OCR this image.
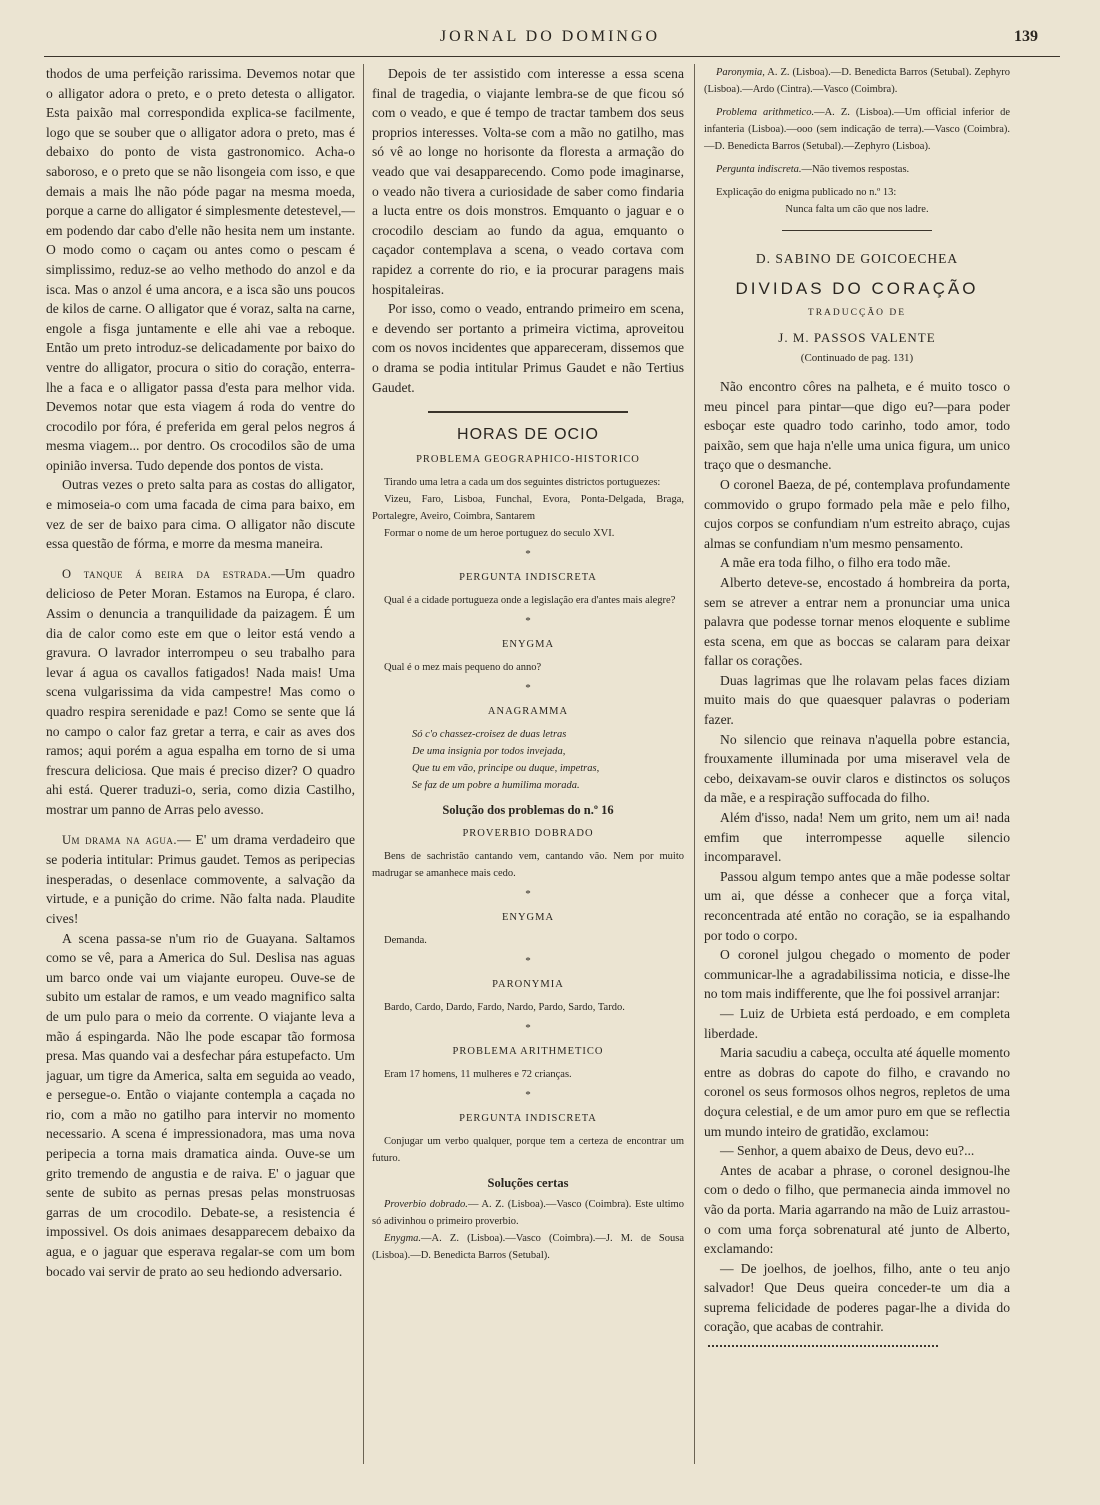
JORNAL DO DOMINGO	139

thodos de uma perfeição rarissima. Devemos notar que o alligator adora o preto, e o preto detesta o alligator. Esta paixão mal correspondida explica-se facilmente, logo que se souber que o alligator adora o preto, mas é debaixo do ponto de vista gastronomico. Acha-o saboroso, e o preto que se não lisongeia com isso, e que demais a mais lhe não póde pagar na mesma moeda, porque a carne do alligator é simplesmente detestevel,—em podendo dar cabo d'elle não hesita nem um instante. O modo como o caçam ou antes como o pescam é simplissimo, reduz-se ao velho methodo do anzol e da isca. Mas o anzol é uma ancora, e a isca são uns poucos de kilos de carne. O alligator que é voraz, salta na carne, engole a fisga juntamente e elle ahi vae a reboque. Então um preto introduz-se delicadamente por baixo do ventre do alligator, procura o sitio do coração, enterra-lhe a faca e o alligator passa d'esta para melhor vida. Devemos notar que esta viagem á roda do ventre do crocodilo por fóra, é preferida em geral pelos negros á mesma viagem... por dentro. Os crocodilos são de uma opinião inversa. Tudo depende dos pontos de vista.

Outras vezes o preto salta para as costas do alligator, e mimoseia-o com uma facada de cima para baixo, em vez de ser de baixo para cima. O alligator não discute essa questão de fórma, e morre da mesma maneira.

O tanque á beira da estrada.—Um quadro delicioso de Peter Moran. Estamos na Europa, é claro. Assim o denuncia a tranquilidade da paizagem. É um dia de calor como este em que o leitor está vendo a gravura. O lavrador interrompeu o seu trabalho para levar á agua os cavallos fatigados! Nada mais! Uma scena vulgarissima da vida campestre! Mas como o quadro respira serenidade e paz! Como se sente que lá no campo o calor faz gretar a terra, e cair as aves dos ramos; aqui porém a agua espalha em torno de si uma frescura deliciosa. Que mais é preciso dizer? O quadro ahi está. Querer traduzi-o, seria, como dizia Castilho, mostrar um panno de Arras pelo avesso.

Um drama na agua.— E' um drama verdadeiro que se poderia intitular: Primus gaudet. Temos as peripecias inesperadas, o desenlace commovente, a salvação da virtude, e a punição do crime. Não falta nada. Plaudite cives!

A scena passa-se n'um rio de Guayana. Saltamos como se vê, para a America do Sul. Deslisa nas aguas um barco onde vai um viajante europeu. Ouve-se de subito um estalar de ramos, e um veado magnifico salta de um pulo para o meio da corrente. O viajante leva a mão á espingarda. Não lhe pode escapar tão formosa presa. Mas quando vai a desfechar pára estupefacto. Um jaguar, um tigre da America, salta em seguida ao veado, e persegue-o. Então o viajante contempla a caçada no rio, com a mão no gatilho para intervir no momento necessario. A scena é impressionadora, mas uma nova peripecia a torna mais dramatica ainda. Ouve-se um grito tremendo de angustia e de raiva. E' o jaguar que sente de subito as pernas presas pelas monstruosas garras de um crocodilo. Debate-se, a resistencia é impossivel. Os dois animaes desapparecem debaixo da agua, e o jaguar que esperava regalar-se com um bom bocado vai servir de prato ao seu hediondo adversario.

Depois de ter assistido com interesse a essa scena final de tragedia, o viajante lembra-se de que ficou só com o veado, e que é tempo de tractar tambem dos seus proprios interesses. Volta-se com a mão no gatilho, mas só vê ao longe no horisonte da floresta a armação do veado que vai desapparecendo. Como pode imaginarse, o veado não tivera a curiosidade de saber como findaria a lucta entre os dois monstros. Emquanto o jaguar e o crocodilo desciam ao fundo da agua, emquanto o caçador contemplava a scena, o veado cortava com rapidez a corrente do rio, e ia procurar paragens mais hospitaleiras.

Por isso, como o veado, entrando primeiro em scena, e devendo ser portanto a primeira victima, aproveitou com os novos incidentes que appareceram, dissemos que o drama se podia intitular Primus Gaudet e não Tertius Gaudet.

HORAS DE OCIO
PROBLEMA GEOGRAPHICO-HISTORICO

Tirando uma letra a cada um dos seguintes districtos portuguezes:

Vizeu, Faro, Lisboa, Funchal, Evora, Ponta-Delgada, Braga, Portalegre, Aveiro, Coimbra, Santarem

Formar o nome de um heroe portuguez do seculo XVI.

*
PERGUNTA INDISCRETA

Qual é a cidade portugueza onde a legislação era d'antes mais alegre?

*
ENYGMA

Qual é o mez mais pequeno do anno?

*
ANAGRAMMA
Só c'o chassez-croisez de duas letras
De uma insignia por todos invejada,
Que tu em vão, principe ou duque, impetras,
Se faz de um pobre a humilima morada.
Solução dos problemas do n.º 16
PROVERBIO DOBRADO

Bens de sachristão cantando vem, cantando vão. Nem por muito madrugar se amanhece mais cedo.

*
ENYGMA

Demanda.

*
PARONYMIA

Bardo, Cardo, Dardo, Fardo, Nardo, Pardo, Sardo, Tardo.

*
PROBLEMA ARITHMETICO

Eram 17 homens, 11 mulheres e 72 crianças.

*
PERGUNTA INDISCRETA

Conjugar um verbo qualquer, porque tem a certeza de encontrar um futuro.

Soluções certas

Proverbio dobrado.— A. Z. (Lisboa).—Vasco (Coimbra). Este ultimo só adivinhou o primeiro proverbio.

Enygma.—A. Z. (Lisboa).—Vasco (Coimbra).—J. M. de Sousa (Lisboa).—D. Benedicta Barros (Setubal).

Paronymia, A. Z. (Lisboa).—D. Benedicta Barros (Setubal). Zephyro (Lisboa).—Ardo (Cintra).—Vasco (Coimbra).

Problema arithmetico.—A. Z. (Lisboa).—Um official inferior de infanteria (Lisboa).—ooo (sem indicação de terra).—Vasco (Coimbra).—D. Benedicta Barros (Setubal).—Zephyro (Lisboa).

Pergunta indiscreta.—Não tivemos respostas.

Explicação do enigma publicado no n.º 13:

Nunca falta um cão que nos ladre.
D. SABINO DE GOICOECHEA
DIVIDAS DO CORAÇÃO
TRADUCÇÃO DE
J. M. PASSOS VALENTE
(Continuado de pag. 131)

Não encontro côres na palheta, e é muito tosco o meu pincel para pintar—que digo eu?—para poder esboçar este quadro todo carinho, todo amor, todo paixão, sem que haja n'elle uma unica figura, um unico traço que o desmanche.

O coronel Baeza, de pé, contemplava profundamente commovido o grupo formado pela mãe e pelo filho, cujos corpos se confundiam n'um estreito abraço, cujas almas se confundiam n'um mesmo pensamento.

A mãe era toda filho, o filho era todo mãe.

Alberto deteve-se, encostado á hombreira da porta, sem se atrever a entrar nem a pronunciar uma unica palavra que podesse tornar menos eloquente e sublime esta scena, em que as boccas se calaram para deixar fallar os corações.

Duas lagrimas que lhe rolavam pelas faces diziam muito mais do que quaesquer palavras o poderiam fazer.

No silencio que reinava n'aquella pobre estancia, frouxamente illuminada por uma miseravel vela de cebo, deixavam-se ouvir claros e distinctos os soluços da mãe, e a respiração suffocada do filho.

Além d'isso, nada! Nem um grito, nem um ai! nada emfim que interrompesse aquelle silencio incomparavel.

Passou algum tempo antes que a mãe podesse soltar um ai, que désse a conhecer que a força vital, reconcentrada até então no coração, se ia espalhando por todo o corpo.

O coronel julgou chegado o momento de poder communicar-lhe a agradabilissima noticia, e disse-lhe no tom mais indifferente, que lhe foi possivel arranjar:

— Luiz de Urbieta está perdoado, e em completa liberdade.

Maria sacudiu a cabeça, occulta até áquelle momento entre as dobras do capote do filho, e cravando no coronel os seus formosos olhos negros, repletos de uma doçura celestial, e de um amor puro em que se reflectia um mundo inteiro de gratidão, exclamou:

— Senhor, a quem abaixo de Deus, devo eu?...

Antes de acabar a phrase, o coronel designou-lhe com o dedo o filho, que permanecia ainda immovel no vão da porta. Maria agarrando na mão de Luiz arrastou-o com uma força sobrenatural até junto de Alberto, exclamando:

— De joelhos, de joelhos, filho, ante o teu anjo salvador! Que Deus queira conceder-te um dia a suprema felicidade de poderes pagar-lhe a divida do coração, que acabas de contrahir.
